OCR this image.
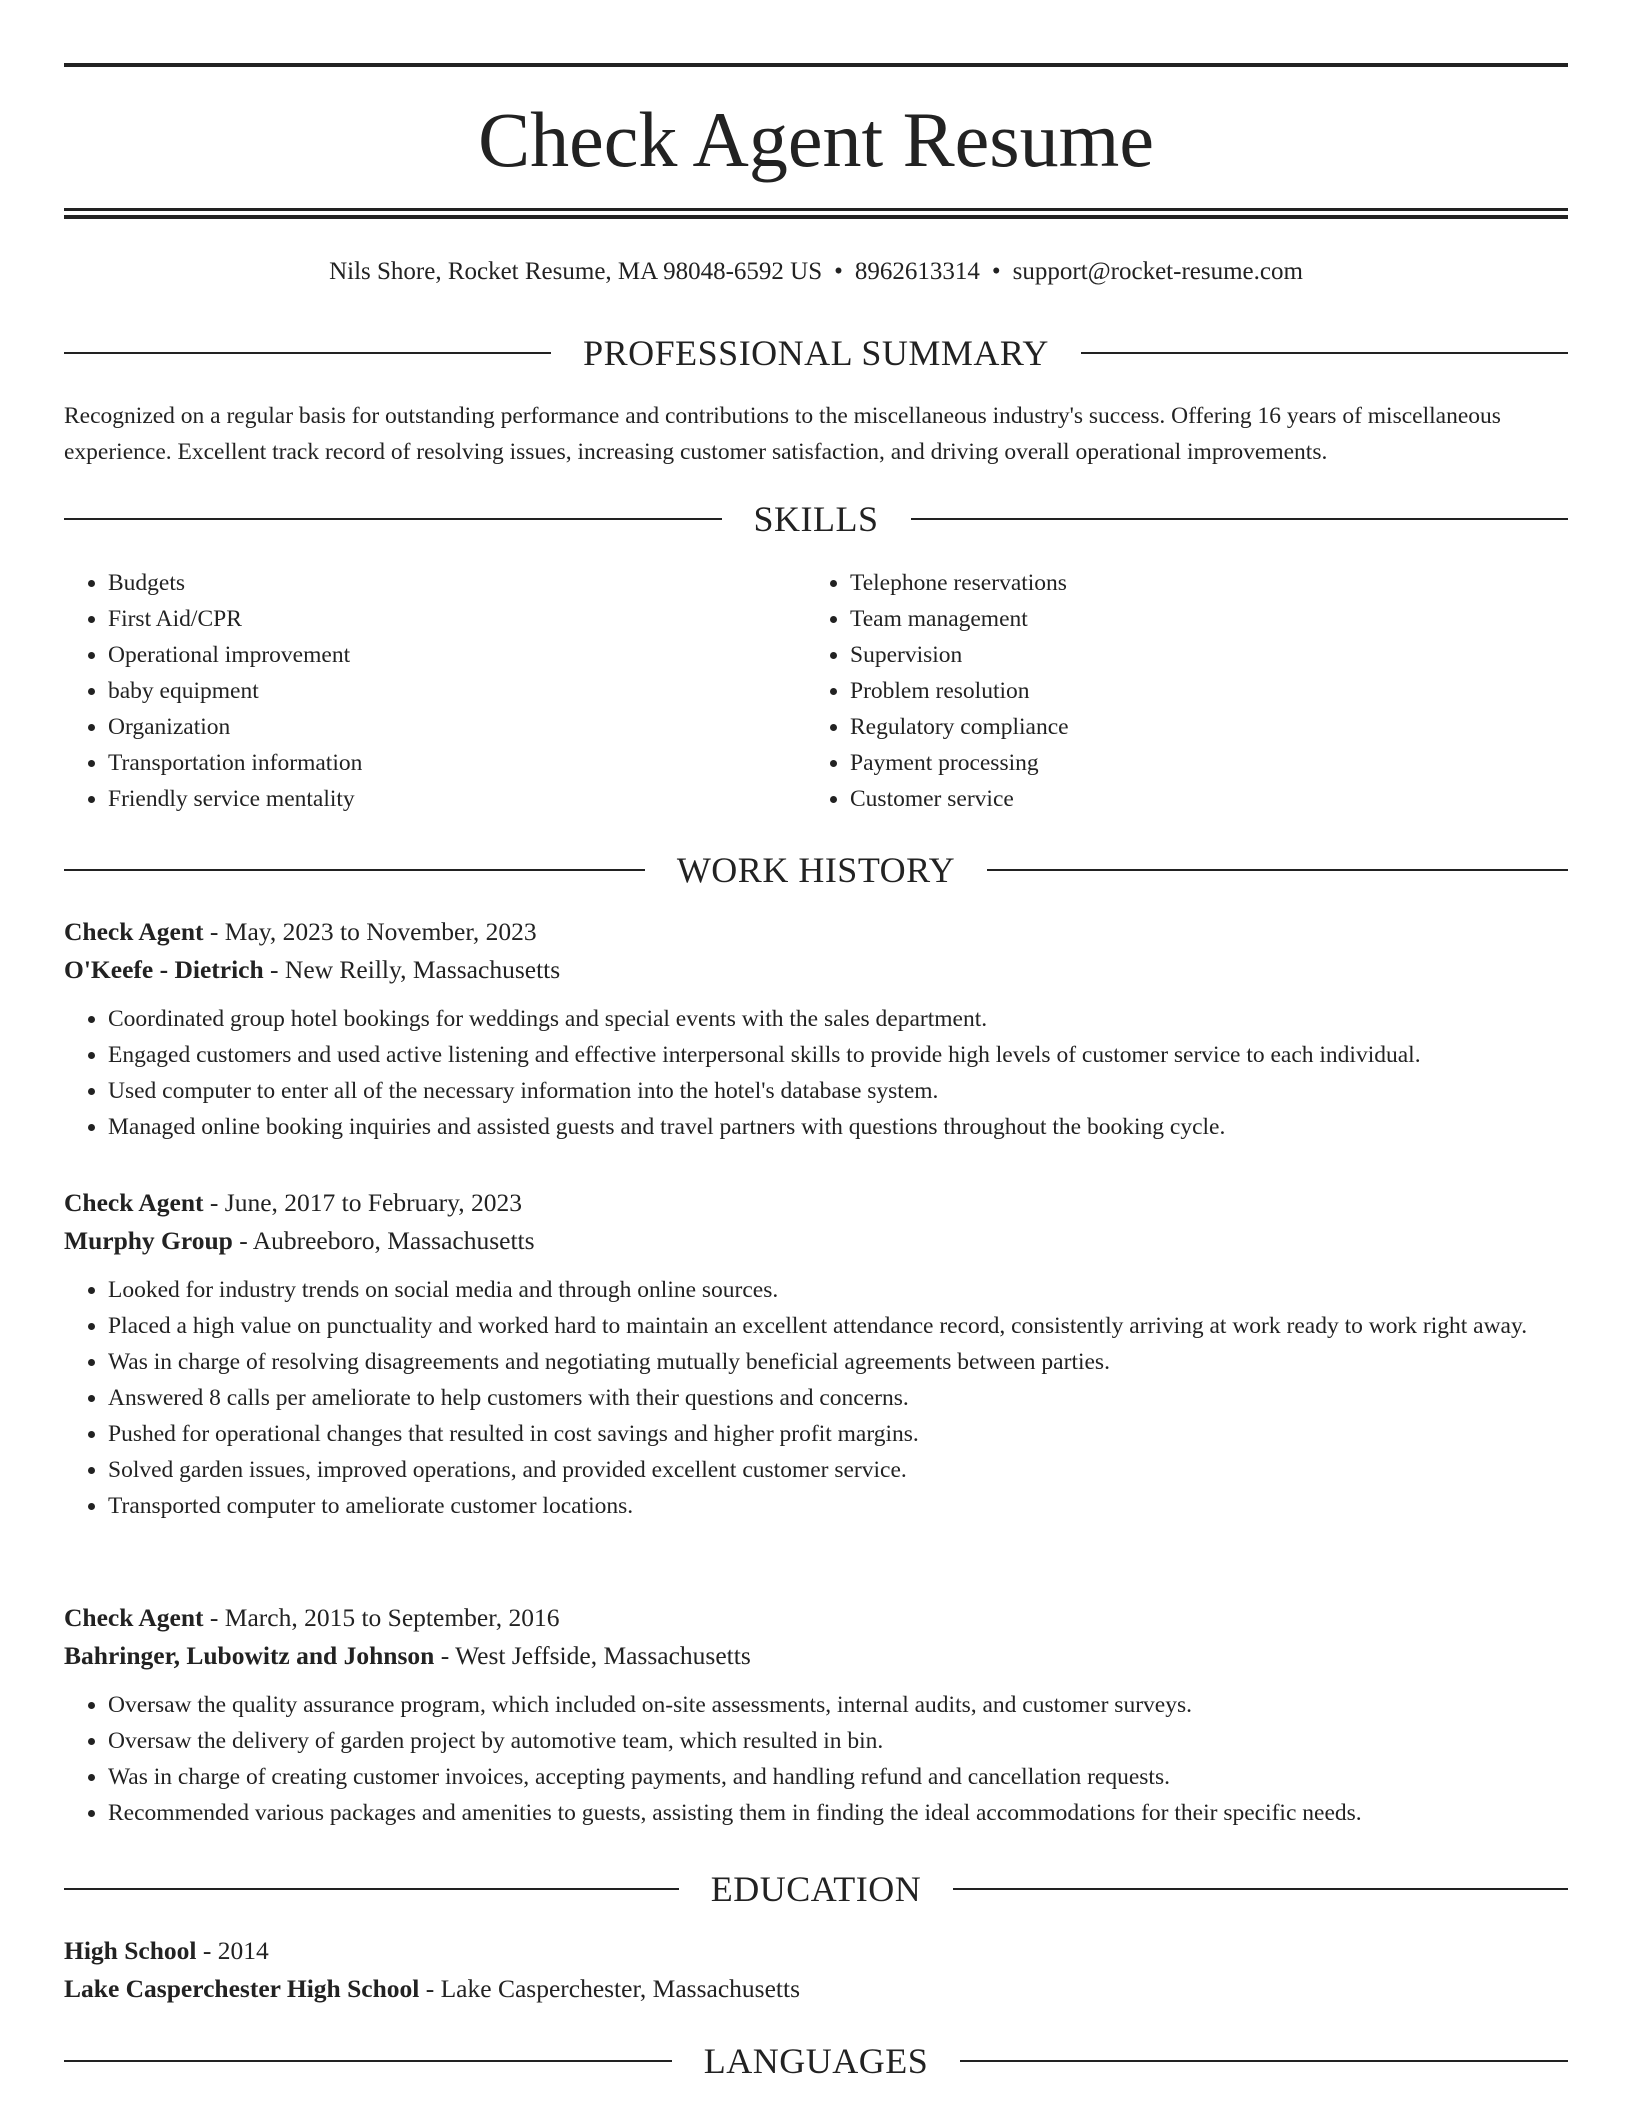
Check Agent Resume
Nils Shore, Rocket Resume, MA 98048-6592 US • 8962613314 • support@rocket-resume.com
PROFESSIONAL SUMMARY

Recognized on a regular basis for outstanding performance and contributions to the miscellaneous industry's success. Offering 16 years of miscellaneous experience. Excellent track record of resolving issues, increasing customer satisfaction, and driving overall operational improvements.

SKILLS
• Budgets
• First Aid/CPR
• Operational improvement
• baby equipment
• Organization
• Transportation information
• Friendly service mentality
• Telephone reservations
• Team management
• Supervision
• Problem resolution
• Regulatory compliance
• Payment processing
• Customer service
WORK HISTORY
Check Agent - May, 2023 to November, 2023
O'Keefe - Dietrich - New Reilly, Massachusetts
• Coordinated group hotel bookings for weddings and special events with the sales department.
• Engaged customers and used active listening and effective interpersonal skills to provide high levels of customer service to each individual.
• Used computer to enter all of the necessary information into the hotel's database system.
• Managed online booking inquiries and assisted guests and travel partners with questions throughout the booking cycle.
Check Agent - June, 2017 to February, 2023
Murphy Group - Aubreeboro, Massachusetts
• Looked for industry trends on social media and through online sources.
• Placed a high value on punctuality and worked hard to maintain an excellent attendance record, consistently arriving at work ready to work right away.
• Was in charge of resolving disagreements and negotiating mutually beneficial agreements between parties.
• Answered 8 calls per ameliorate to help customers with their questions and concerns.
• Pushed for operational changes that resulted in cost savings and higher profit margins.
• Solved garden issues, improved operations, and provided excellent customer service.
• Transported computer to ameliorate customer locations.
Check Agent - March, 2015 to September, 2016
Bahringer, Lubowitz and Johnson - West Jeffside, Massachusetts
• Oversaw the quality assurance program, which included on-site assessments, internal audits, and customer surveys.
• Oversaw the delivery of garden project by automotive team, which resulted in bin.
• Was in charge of creating customer invoices, accepting payments, and handling refund and cancellation requests.
• Recommended various packages and amenities to guests, assisting them in finding the ideal accommodations for their specific needs.
EDUCATION
High School - 2014
Lake Casperchester High School - Lake Casperchester, Massachusetts
LANGUAGES
